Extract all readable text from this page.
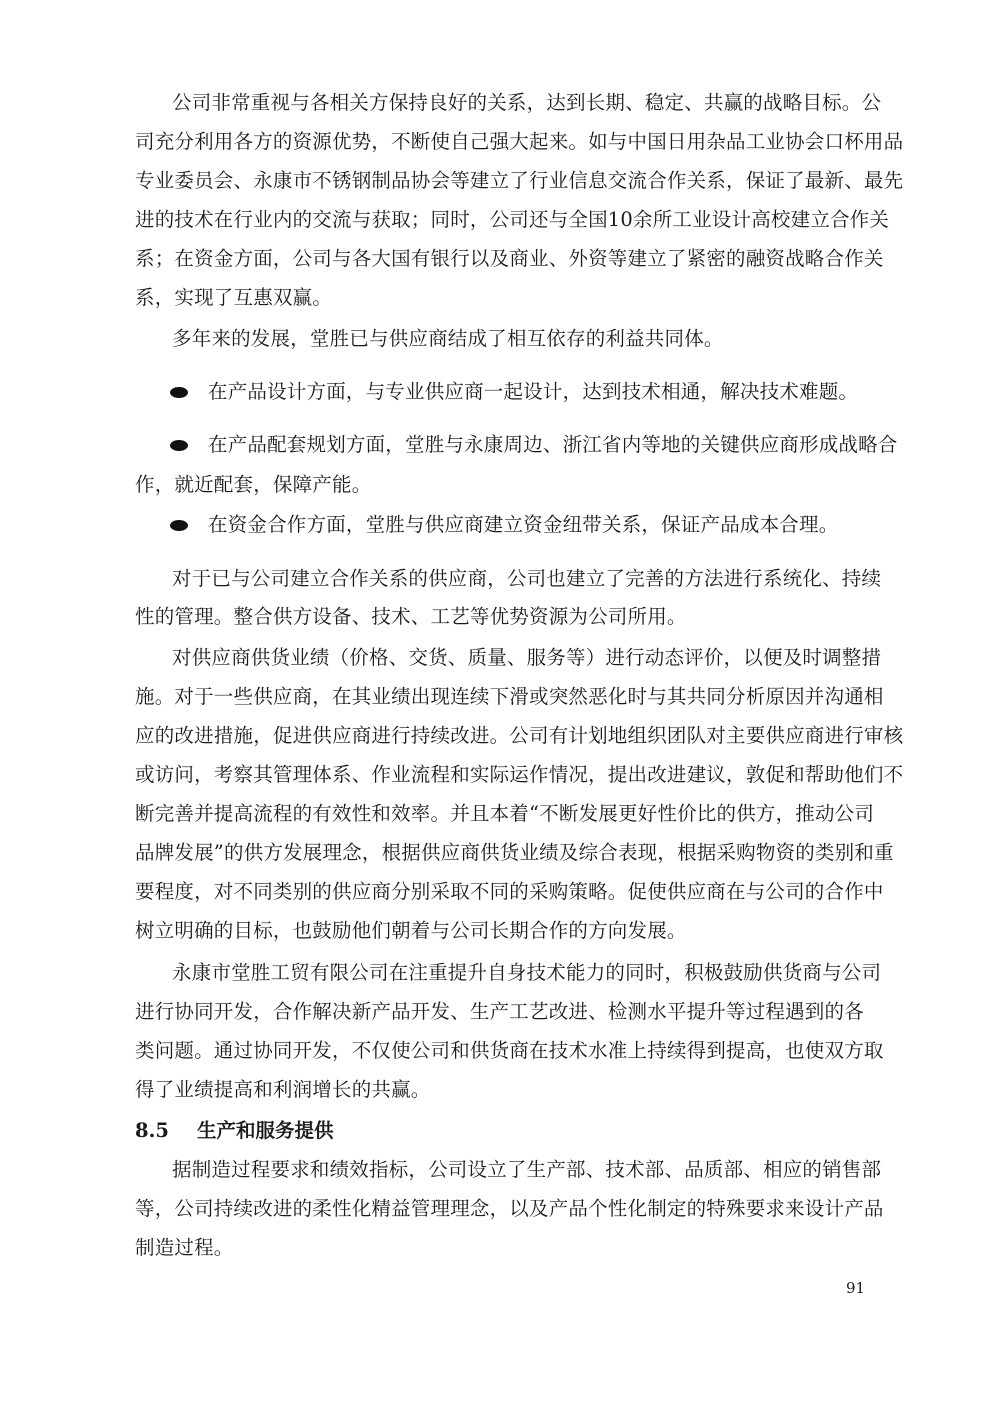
公司非常重视与各相关方保持良好的关系，达到长期、稳定、共赢的战略目标。公
司充分利用各方的资源优势，不断使自己强大起来。如与中国日用杂品工业协会口杯用品
专业委员会、永康市不锈钢制品协会等建立了行业信息交流合作关系，保证了最新、最先
进的技术在行业内的交流与获取；同时，公司还与全国10余所工业设计高校建立合作关
系；在资金方面，公司与各大国有银行以及商业、外资等建立了紧密的融资战略合作关
系，实现了互惠双赢。
多年来的发展，堂胜已与供应商结成了相互依存的利益共同体。
在产品设计方面，与专业供应商一起设计，达到技术相通，解决技术难题。
在产品配套规划方面，堂胜与永康周边、浙江省内等地的关键供应商形成战略合
作，就近配套，保障产能。
在资金合作方面，堂胜与供应商建立资金纽带关系，保证产品成本合理。
对于已与公司建立合作关系的供应商，公司也建立了完善的方法进行系统化、持续
性的管理。整合供方设备、技术、工艺等优势资源为公司所用。
对供应商供货业绩（价格、交货、质量、服务等）进行动态评价，以便及时调整措
施。对于一些供应商，在其业绩出现连续下滑或突然恶化时与其共同分析原因并沟通相
应的改进措施，促进供应商进行持续改进。公司有计划地组织团队对主要供应商进行审核
或访问，考察其管理体系、作业流程和实际运作情况，提出改进建议，敦促和帮助他们不
断完善并提高流程的有效性和效率。并且本着“不断发展更好性价比的供方，推动公司
品牌发展”的供方发展理念，根据供应商供货业绩及综合表现，根据采购物资的类别和重
要程度，对不同类别的供应商分别采取不同的采购策略。促使供应商在与公司的合作中
树立明确的目标，也鼓励他们朝着与公司长期合作的方向发展。
永康市堂胜工贸有限公司在注重提升自身技术能力的同时，积极鼓励供货商与公司
进行协同开发，合作解决新产品开发、生产工艺改进、检测水平提升等过程遇到的各
类问题。通过协同开发，不仅使公司和供货商在技术水准上持续得到提高，也使双方取
得了业绩提高和利润增长的共赢。
8.5 生产和服务提供
据制造过程要求和绩效指标，公司设立了生产部、技术部、品质部、相应的销售部
等，公司持续改进的柔性化精益管理理念，以及产品个性化制定的特殊要求来设计产品
制造过程。
91
